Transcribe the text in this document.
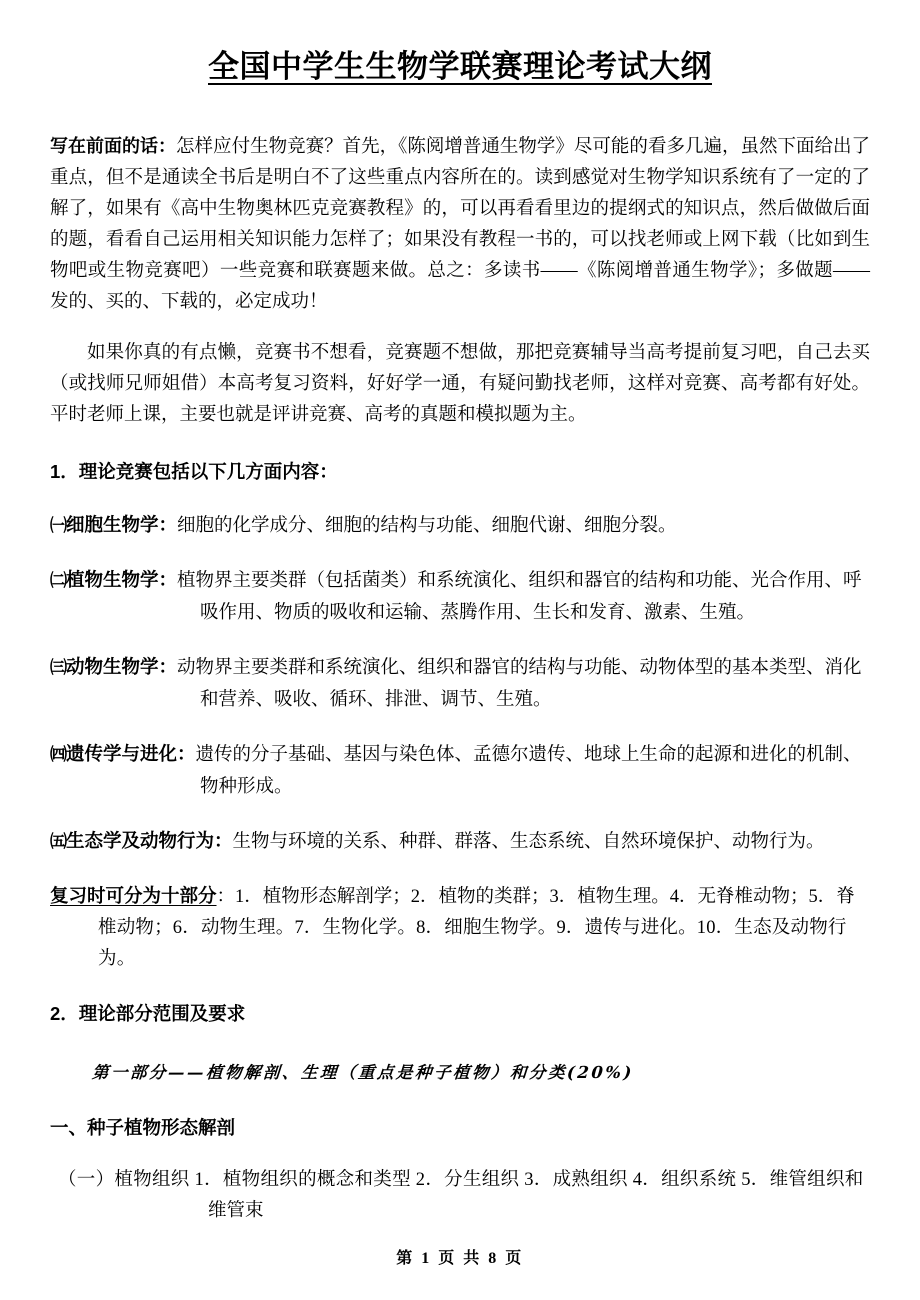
全国中学生生物学联赛理论考试大纲

写在前面的话：怎样应付生物竞赛？首先，《陈阅增普通生物学》尽可能的看多几遍，虽然下面给出了重点，但不是通读全书后是明白不了这些重点内容所在的。读到感觉对生物学知识系统有了一定的了解了，如果有《高中生物奥林匹克竞赛教程》的，可以再看看里边的提纲式的知识点，然后做做后面的题，看看自己运用相关知识能力怎样了；如果没有教程一书的，可以找老师或上网下载（比如到生物吧或生物竞赛吧）一些竞赛和联赛题来做。总之：多读书——《陈阅增普通生物学》；多做题——发的、买的、下载的，必定成功！

如果你真的有点懒，竞赛书不想看，竞赛题不想做，那把竞赛辅导当高考提前复习吧，自己去买（或找师兄师姐借）本高考复习资料，好好学一通，有疑问勤找老师，这样对竞赛、高考都有好处。平时老师上课，主要也就是评讲竞赛、高考的真题和模拟题为主。

1．理论竞赛包括以下几方面内容：

㈠细胞生物学：细胞的化学成分、细胞的结构与功能、细胞代谢、细胞分裂。

㈡植物生物学：植物界主要类群（包括菌类）和系统演化、组织和器官的结构和功能、光合作用、呼
吸作用、物质的吸收和运输、蒸腾作用、生长和发育、激素、生殖。

㈢动物生物学：动物界主要类群和系统演化、组织和器官的结构与功能、动物体型的基本类型、消化
和营养、吸收、循环、排泄、调节、生殖。

㈣遗传学与进化：遗传的分子基础、基因与染色体、孟德尔遗传、地球上生命的起源和进化的机制、
物种形成。

㈤生态学及动物行为：生物与环境的关系、种群、群落、生态系统、自然环境保护、动物行为。

复习时可分为十部分：1．植物形态解剖学；2．植物的类群；3．植物生理。4．无脊椎动物；5．脊
椎动物；6．动物生理。7．生物化学。8．细胞生物学。9．遗传与进化。10．生态及动物行为。

2．理论部分范围及要求

第一部分——植物解剖、生理（重点是种子植物）和分类(20%)

一、种子植物形态解剖

（一）植物组织 1．植物组织的概念和类型 2．分生组织 3．成熟组织 4．组织系统 5．维管组织和
维管束

第 1 页 共 8 页
